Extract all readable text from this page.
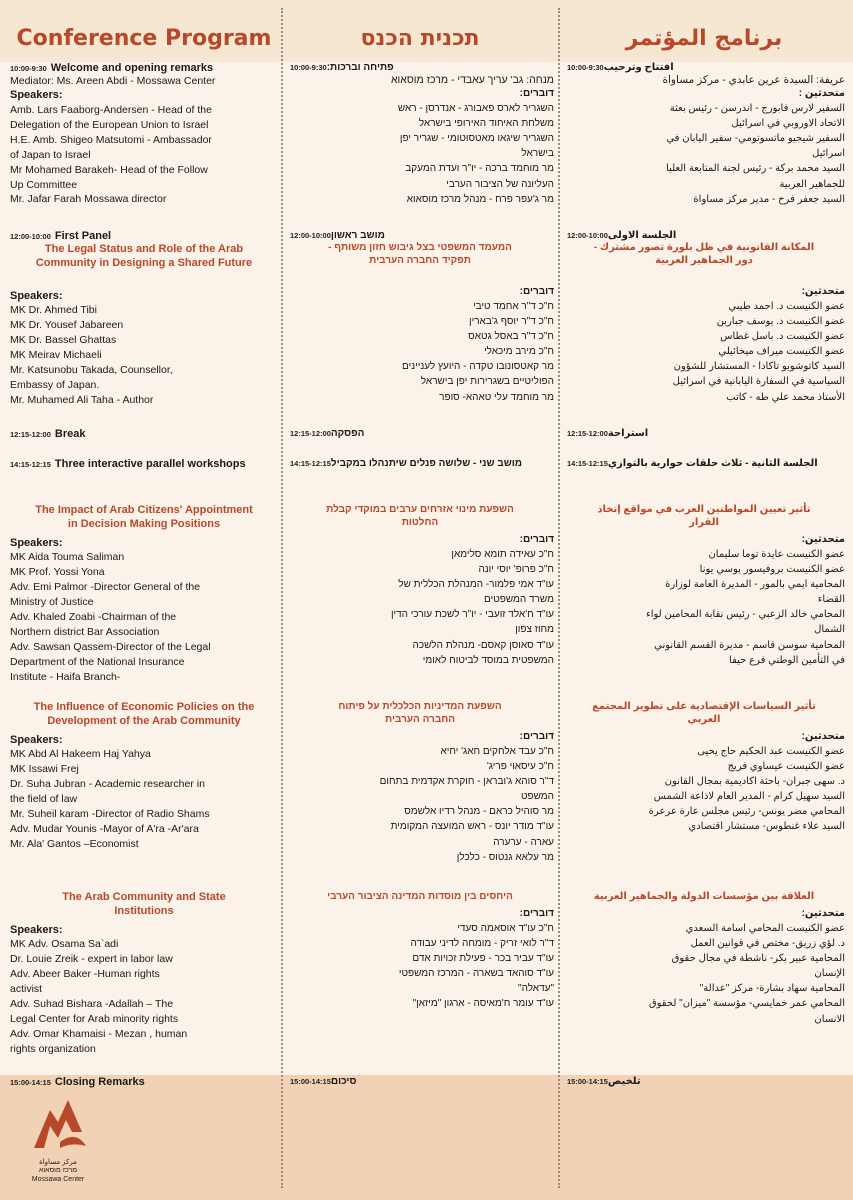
Conference Program
10:00-9:30 Welcome and opening remarks
Mediator: Ms. Areen Abdi - Mossawa Center
Speakers:
Amb. Lars Faaborg-Andersen - Head of the
Delegation of the European Union to Israel
H.E. Amb. Shigeo Matsutomi - Ambassador
of Japan to Israel
Mr Mohamed Barakeh- Head of the Follow
Up Committee
Mr. Jafar Farah Mossawa director
12:00-10:00 First Panel
The Legal Status and Role of the Arab
Community in Designing a Shared Future
Speakers:
MK Dr. Ahmed Tibi
MK Dr. Yousef Jabareen
MK Dr. Bassel Ghattas
MK Meirav Michaeli
Mr. Katsunobu Takada, Counsellor,
Embassy of Japan.
Mr. Muhamed Ali Taha - Author
12:15-12:00 Break
14:15-12:15 Three interactive parallel workshops
The Impact of Arab Citizens' Appointment
in Decision Making Positions
Speakers:
MK Aida Touma Saliman
MK Prof. Yossi Yona
Adv. Emi Palmor -Director General of the
Ministry of Justice
Adv. Khaled Zoabi -Chairman of the
Northern district Bar Association
Adv. Sawsan Qassem-Director of the Legal
Department of the National Insurance
Institute - Haifa Branch-
The Influence of Economic Policies on the
Development of the Arab Community
Speakers:
MK Abd Al Hakeem Haj Yahya
MK Issawi Frej
Dr. Suha Jubran - Academic researcher in
the field of law
Mr. Suheil karam -Director of Radio Shams
Adv. Mudar Younis -Mayor of A'ra -Ar'ara
Mr. Ala' Gantos –Economist
The Arab Community and State
Institutions
Speakers:
MK Adv. Osama Sa`adi
Dr. Louie Zreik - expert in labor law
Adv. Abeer Baker -Human rights
activist
Adv. Suhad Bishara -Adallah – The
Legal Center for Arab minority rights
Adv. Omar Khamaisi - Mezan , human
rights organization
15:00-14:15 Closing Remarks
תכנית הכנס
10:00-9:30 פתיחה וברכות:
מנחה: גב' עריך עאבדי - מרכז מוסאוא
דוברים:
השגריר לארס פאבורג - אנדרסן - ראש
משלחת האיחוד האירופי בישראל
השגריר שיגאו מאטסוטומי - שגריר יפן
בישראל
מר מוחמד ברכה - יו"ר ועדת המעקב
העליונה של הציבור הערבי
מר ג'עפר פרח - מנהל מרכז מוסאוא
12:00-10:00 מושב ראשון
המעמד המשפטי בצל גיבוש חזון משותף -
תפקיד החברה הערבית
דוברים:
ח"כ ד"ר אחמד טיבי
ח"כ ד"ר יוסף ג'בארין
ח"כ ד"ר באסל גטאס
ח"כ מירב מיכאלי
מר קאטסונובו טקדה - היועץ לעניינים
הפוליטיים בשגרירות יפן בישראל
מר מוחמד עלי טאהא- סופר
12:15-12:00 הפסקה
14:15-12:15 מושב שני - שלושה פנלים שיתנהלו במקביל
השפעת מינוי אזרחים ערבים במוקדי קבלת
החלטות
דוברים:
ח"כ עאידה תומא סלימאן
ח"כ פרופ' יוסי יונה
עו"ד אמי פלמור- המנהלת הכללית של
משרד המשפטים
עו"ד ח'אלד זועבי - יו"ר לשכת עורכי הדין
מחוז צפון
עו"ד סאוסן קאסם- מנהלת הלשכה
המשפטית במוסד לביטוח לאומי
השפעת המדיניות הכלכלית על פיתוח
החברה הערבית
דוברים:
ח"כ עבד אלחקים חאג' יחיא
ח"כ עיסאוי פריג'
ד"ר סוהא ג'ובראן - חוקרת אקדמית בתחום
המשפט
מר סוהיל כראם - מנהל רדיו אלשמס
עו"ד מודר יונס - ראש המועצה המקומית
עארה - ערערה
מר עלאא גנטוס - כלכלן
היחסים בין מוסדות המדינה הציבור הערבי
דוברים:
ח"כ עו"ד אוסאמה סעדי
ד"ר לואי זריק - מומחה לדיני עבודה
עו"ד עביר בכר - פעילת זכויות אדם
עו"ד סוהאד בשארה - המרכז המשפטי
"עדאלה"
עו"ד עומר ח'מאיסה - ארגון "מיזאן"
15:00-14:15 סיכום
برنامج المؤتمر
10:00-9:30 افتتاح وترحيب
عريفة: السيدة عرين عابدي - مركز مساواة
متحدثين :
السفير لارس فابورج - اندرسن - رئيس بعثة
الاتحاد الاوروبي في اسرائيل
السفير شيجيو ماتسوتومي- سفير اليابان في
اسرائيل
السيد محمد بركة - رئيس لجنة المتابعة العليا
للجماهير العربية
السيد جعفر فرح - مدير مركز مساواة
12:00-10:00 الجلسة الاولى
المكانة القانونية في ظل بلورة تصور مشترك -
دور الجماهير العربية
متحدثين:
عضو الكنيست د. احمد طيبي
عضو الكنيست د. يوسف جبارين
عضو الكنيست د. باسل غطاس
عضو الكنيست ميراف ميخائيلي
السيد كاتوشوبو تاكادا - المستشار للشؤون
السياسية في السفارة اليابانية في اسرائيل
الأستاذ محمد علي طه - كاتب
12:15-12:00 استراحة
14:15-12:15 الجلسة الثانية - ثلاث حلقات حوارية بالتوازي
تأثير تعيين المواطنين العرب في مواقع إتخاذ
القرار
متحدثين:
عضو الكنيست عايدة توما سليمان
عضو الكنيست بروفيسور يوسي يونا
المحامية ايمي بالمور - المديرة العامة لوزارة
القضاء
المحامي خالد الزعبي - رئيس نقابة المحامين لواء
الشمال
المحامية سوسن قاسم - مديرة القسم القانوني
في التأمين الوطني فرع حيفا
تأثير السياسات الإقتصادية على تطوير المجتمع
العربي
متحدثين:
عضو الكنيست عبد الحكيم حاج يحيى
عضو الكنيست عيساوي فريج
د. سهى جبران- باحثة اكاديمية بمجال القانون
السيد سهيل كرام - المدير العام لاذاعة الشمس
المحامي مضر يونس- رئيس مجلس عارة عرعرة
السيد علاء غنطوس- مستشار اقتصادي
العلاقة بين مؤسسات الدولة والجماهير العربية
متحدثين:
عضو الكنيست المحامي اسامة السعدي
د. لؤي زريق- مختص في قوانين العمل
المحامية عبير بكر- ناشطة في مجال حقوق
الإنسان
المحامية سهاد بشارة- مركز "عدالة"
المحامي عمر خمايسي- مؤسسة "ميزان" لحقوق
الانسان
15:00-14:15 تلخيص
مركز مساواة
מרכז מוסאוא
Mossawa Center
